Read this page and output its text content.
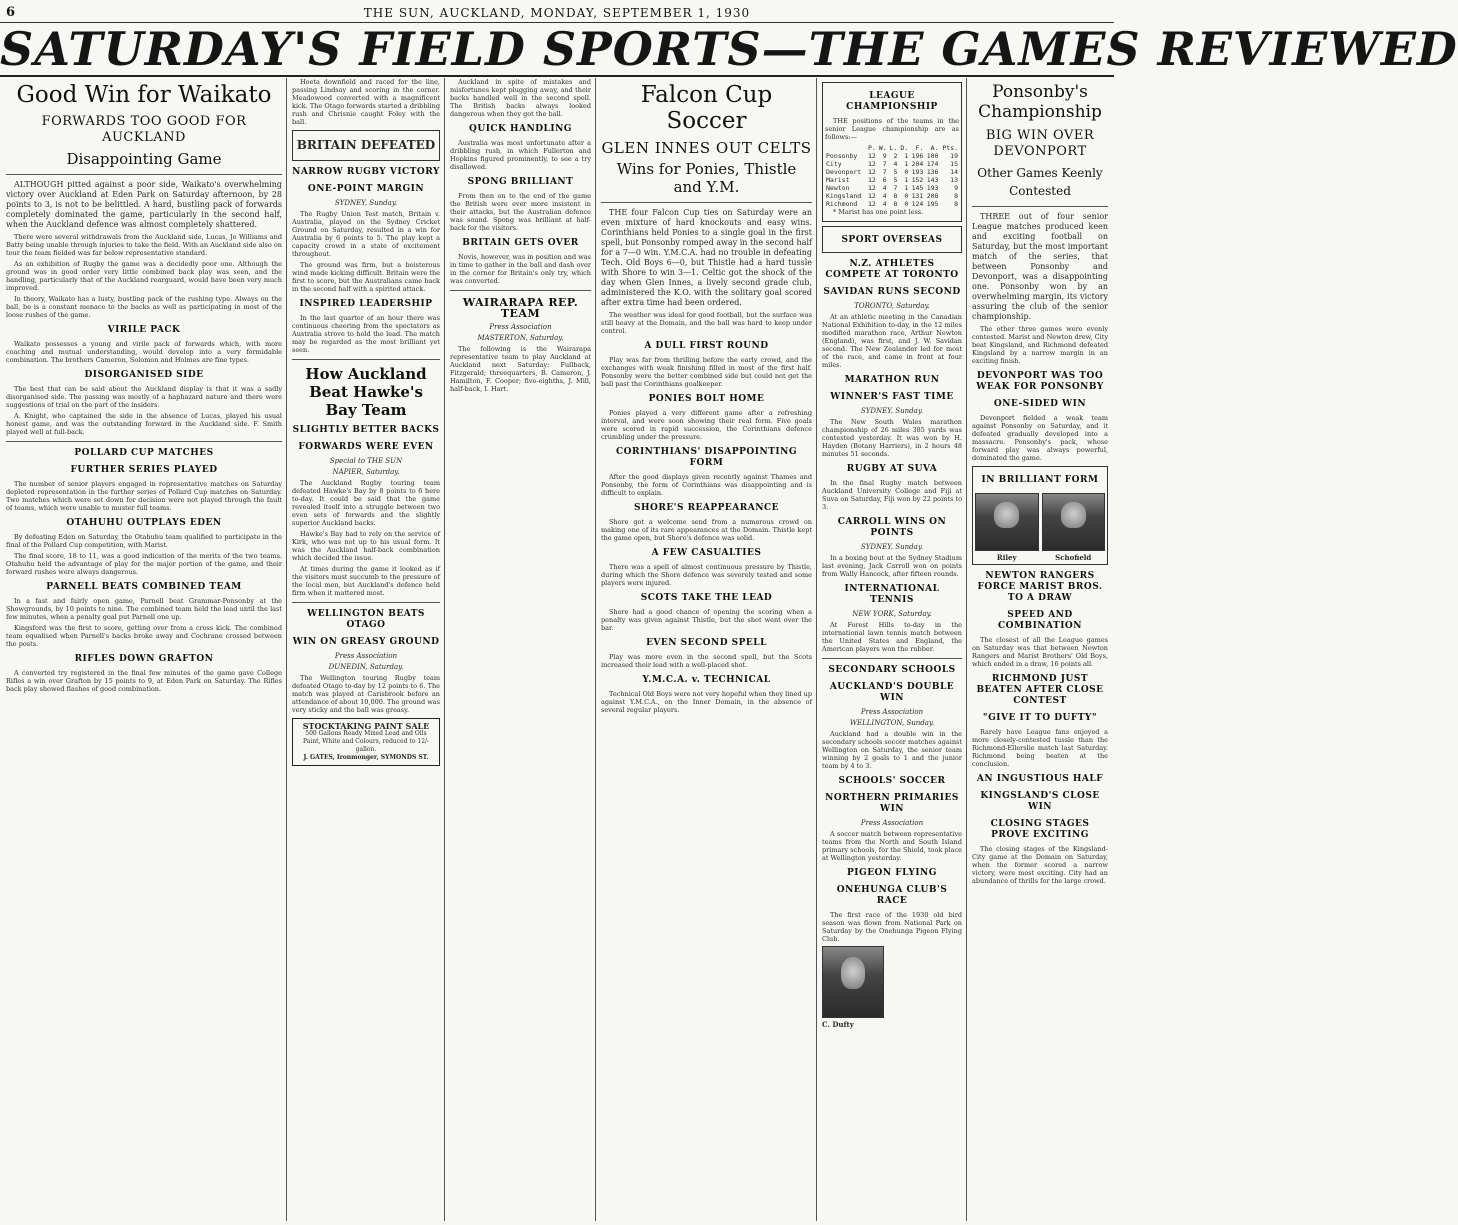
6	THE SUN, AUCKLAND, MONDAY, SEPTEMBER 1, 1930
SATURDAY'S FIELD SPORTS—THE GAMES REVIEWED
Good Win for Waikato
FORWARDS TOO GOOD FOR AUCKLAND
Disappointing Game

ALTHOUGH pitted against a poor side, Waikato's overwhelming victory over Auckland at Eden Park on Saturday afternoon, by 28 points to 3, is not to be belittled. A hard, bustling pack of forwards completely dominated the game, particularly in the second half, when the Auckland defence was almost completely shattered.

There were several withdrawals from the Auckland side, Lucas, Jo Williams and Batty being unable through injuries to take the field. With an Auckland side also on tour the team fielded was far below representative standard.

As an exhibition of Rugby the game was a decidedly poor one. Although the ground was in good order very little combined back play was seen, and the handling, particularly that of the Auckland rearguard, would have been very much improved.

In theory, Waikato has a lusty, bustling pack of the rushing type. Always on the ball, be is a constant menace to the backs as well as participating in most of the loose rushes of the game.

VIRILE PACK

Waikato possesses a young and virile pack of forwards which, with more coaching and mutual understanding, would develop into a very formidable combination. The brothers Cameron, Solomon and Holmes are fine types.

DISORGANISED SIDE

The best that can be said about the Auckland display is that it was a sadly disorganised side. The passing was mostly of a haphazard nature and there were suggestions of trial on the part of the insiders.

A. Knight, who captained the side in the absence of Lucas, played his usual honest game, and was the outstanding forward in the Auckland side. F. Smith played well at full-back.

POLLARD CUP MATCHES
FURTHER SERIES PLAYED

The number of senior players engaged in representative matches on Saturday depleted representation in the further series of Pollard Cup matches on Saturday. Two matches which were set down for decision were not played through the fault of teams, which were unable to muster full teams.

OTAHUHU OUTPLAYS EDEN

By defeating Eden on Saturday, the Otahuhu team qualified to participate in the final of the Pollard Cup competition, with Marist.

The final score, 18 to 11, was a good indication of the merits of the two teams. Otahuhu held the advantage of play for the major portion of the game, and their forward rushes were always dangerous.

PARNELL BEATS COMBINED TEAM

In a fast and fairly open game, Parnell beat Grammar-Ponsonby at the Showgrounds, by 10 points to nine. The combined team held the lead until the last few minutes, when a penalty goal put Parnell one up.

Kingsford was the first to score, getting over from a cross kick. The combined team equalised when Parnell's backs broke away and Cochrane crossed between the posts.

RIFLES DOWN GRAFTON

A converted try registered in the final few minutes of the game gave College Rifles a win over Grafton by 15 points to 9, at Eden Park on Saturday. The Rifles back play showed flashes of good combination.

Hoeta downfield and raced for the line, passing Lindsay and scoring in the corner. Meadowood converted with a magnificent kick. The Otago forwards started a dribbling rush and Chrisnie caught Foley with the ball.

BRITAIN DEFEATED
NARROW RUGBY VICTORY
ONE-POINT MARGIN
SYDNEY, Sunday.

The Rugby Union Test match, Britain v. Australia, played on the Sydney Cricket Ground on Saturday, resulted in a win for Australia by 6 points to 5. The play kept a capacity crowd in a state of excitement throughout.

The ground was firm, but a boisterous wind made kicking difficult. Britain were the first to score, but the Australians came back in the second half with a spirited attack.

INSPIRED LEADERSHIP

In the last quarter of an hour there was continuous cheering from the spectators as Australia strove to hold the lead. The match may be regarded as the most brilliant yet seen.

How Auckland Beat Hawke's Bay Team
SLIGHTLY BETTER BACKS
FORWARDS WERE EVEN
Special to THE SUN
NAPIER, Saturday.

The Auckland Rugby touring team defeated Hawke's Bay by 8 points to 6 here to-day. It could be said that the game revealed itself into a struggle between two even sets of forwards and the slightly superior Auckland backs.

Hawke's Bay had to rely on the service of Kirk, who was not up to his usual form. It was the Auckland half-back combination which decided the issue.

At times during the game it looked as if the visitors must succumb to the pressure of the local men, but Auckland's defence held firm when it mattered most.

WELLINGTON BEATS OTAGO
WIN ON GREASY GROUND
Press Association
DUNEDIN, Saturday.

The Wellington touring Rugby team defeated Otago to-day by 12 points to 6. The match was played at Carisbrook before an attendance of about 10,000. The ground was very sticky and the ball was greasy.

STOCKTAKING PAINT SALE
500 Gallons Ready Mixed Lead and Oils Paint, White and Colours, reduced to 12/- gallon.
J. GATES, Ironmonger, SYMONDS ST.

Auckland in spite of mistakes and misfortunes kept plugging away, and their backs handled well in the second spell. The British backs always looked dangerous when they got the ball.

QUICK HANDLING

Australia was most unfortunate after a dribbling rush, in which Fullerton and Hopkins figured prominently, to see a try disallowed.

SPONG BRILLIANT

From then on to the end of the game the British were ever more insistent in their attacks, but the Australian defence was sound. Spong was brilliant at half-back for the visitors.

BRITAIN GETS OVER

Novis, however, was in position and was in time to gather in the ball and dash over in the corner for Britain's only try, which was converted.

WAIRARAPA REP. TEAM
Press Association
MASTERTON, Saturday.

The following is the Wairarapa representative team to play Auckland at Auckland next Saturday: Fullback, Fitzgerald; threequarters, B. Cameron, J. Hamilton, F. Cooper; five-eighths, J. Mill, half-back, I. Hart.

Falcon Cup Soccer
GLEN INNES OUT CELTS
Wins for Ponies, Thistle and Y.M.

THE four Falcon Cup ties on Saturday were an even mixture of hard knockouts and easy wins. Corinthians held Ponies to a single goal in the first spell, but Ponsonby romped away in the second half for a 7—0 win. Y.M.C.A. had no trouble in defeating Tech. Old Boys 6—0, but Thistle had a hard tussle with Shore to win 3—1. Celtic got the shock of the day when Glen Innes, a lively second grade club, administered the K.O. with the solitary goal scored after extra time had been ordered.

The weather was ideal for good football, but the surface was still heavy at the Domain, and the ball was hard to keep under control.

A DULL FIRST ROUND

Play was far from thrilling before the early crowd, and the exchanges with weak finishing filled in most of the first half. Ponsonby were the better combined side but could not get the ball past the Corinthians goalkeeper.

PONIES BOLT HOME

Ponies played a very different game after a refreshing interval, and were soon showing their real form. Five goals were scored in rapid succession, the Corinthians defence crumbling under the pressure.

CORINTHIANS' DISAPPOINTING FORM

After the good displays given recently against Thames and Ponsonby, the form of Corinthians was disappointing and is difficult to explain.

SHORE'S REAPPEARANCE

Shore got a welcome send from a numerous crowd on making one of its rare appearances at the Domain. Thistle kept the game open, but Shore's defence was solid.

A FEW CASUALTIES

There was a spell of almost continuous pressure by Thistle, during which the Shore defence was severely tested and some players were injured.

SCOTS TAKE THE LEAD

Shore had a good chance of opening the scoring when a penalty was given against Thistle, but the shot went over the bar.

EVEN SECOND SPELL

Play was more even in the second spell, but the Scots increased their lead with a well-placed shot.

Y.M.C.A. v. TECHNICAL

Technical Old Boys were not very hopeful when they lined up against Y.M.C.A., on the Inner Domain, in the absence of several regular players.

LEAGUE CHAMPIONSHIP

THE positions of the teams in the senior League championship are as follows:—

	P.	W.	L.	D.	F.	A.	Pts.
Ponsonby	12	9	2	1	196	100	19
City	12	7	4	1	204	174	15
Devonport	12	7	5	0	193	136	14
Marist	12	6	5	1	152	143	13
Newton	12	4	7	1	145	193	9
Kingsland	12	4	8	0	131	208	8
Richmond	12	4	8	0	124	195	8

* Marist has one point less.

SPORT OVERSEAS
N.Z. ATHLETES COMPETE AT TORONTO
SAVIDAN RUNS SECOND
TORONTO, Saturday.

At an athletic meeting in the Canadian National Exhibition to-day, in the 12 miles modified marathon race, Arthur Newton (England), was first, and J. W. Savidan second. The New Zealander led for most of the race, and came in front at four miles.

MARATHON RUN
WINNER'S FAST TIME
SYDNEY, Sunday.

The New South Wales marathon championship of 26 miles 385 yards was contested yesterday. It was won by H. Hayden (Botany Harriers), in 2 hours 48 minutes 51 seconds.

RUGBY AT SUVA

In the final Rugby match between Auckland University College and Fiji at Suva on Saturday, Fiji won by 22 points to 3.

CARROLL WINS ON POINTS
SYDNEY, Sunday.

In a boxing bout at the Sydney Stadium last evening, Jack Carroll won on points from Wally Hancock, after fifteen rounds.

INTERNATIONAL TENNIS
NEW YORK, Saturday.

At Forest Hills to-day in the international lawn tennis match between the United States and England, the American players won the rubber.

SECONDARY SCHOOLS
AUCKLAND'S DOUBLE WIN
Press Association
WELLINGTON, Sunday.

Auckland had a double win in the secondary schools soccer matches against Wellington on Saturday, the senior team winning by 2 goals to 1 and the junior team by 4 to 3.

SCHOOLS' SOCCER
NORTHERN PRIMARIES WIN
Press Association

A soccer match between representative teams from the North and South Island primary schools, for the Shield, took place at Wellington yesterday.

PIGEON FLYING
ONEHUNGA CLUB'S RACE

The first race of the 1930 old bird season was flown from National Park on Saturday by the Onehunga Pigeon Flying Club.

C. Dufty
Ponsonby's Championship
BIG WIN OVER DEVONPORT
Other Games Keenly Contested

THREE out of four senior League matches produced keen and exciting football on Saturday, but the most important match of the series, that between Ponsonby and Devonport, was a disappointing one. Ponsonby won by an overwhelming margin, its victory assuring the club of the senior championship.

The other three games were evenly contested. Marist and Newton drew, City beat Kingsland, and Richmond defeated Kingsland by a narrow margin in an exciting finish.

DEVONPORT WAS TOO WEAK FOR PONSONBY
ONE-SIDED WIN

Devonport fielded a weak team against Ponsonby on Saturday, and it defeated gradually developed into a massacre. Ponsonby's pack, whose forward play was always powerful, dominated the game.

IN BRILLIANT FORM
Riley	Schofield
NEWTON RANGERS FORCE MARIST BROS. TO A DRAW
SPEED AND COMBINATION

The closest of all the League games on Saturday was that between Newton Rangers and Marist Brothers' Old Boys, which ended in a draw, 16 points all.

RICHMOND JUST BEATEN AFTER CLOSE CONTEST
"GIVE IT TO DUFTY"

Rarely have League fans enjoyed a more closely-contested tussle than the Richmond-Ellerslie match last Saturday. Richmond being beaten at the conclusion.

AN INGUSTIOUS HALF
KINGSLAND'S CLOSE WIN
CLOSING STAGES PROVE EXCITING

The closing stages of the Kingsland-City game at the Domain on Saturday, when the former scored a narrow victory, were most exciting. City had an abundance of thrills for the large crowd.
